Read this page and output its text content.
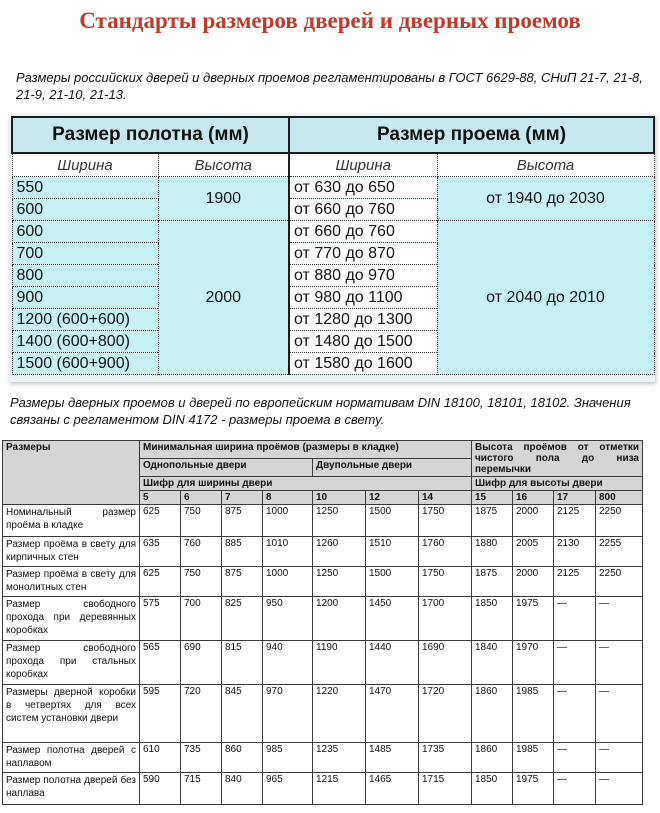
Стандарты размеров дверей и дверных проемов
Размеры российских дверей и дверных проемов регламентированы в ГОСТ 6629-88, СНиП 21-7, 21-8, 21-9, 21-10, 21-13.
Размер полотна (мм)		Размер проема (мм)	
Ширина	Высота	Ширина	Высота
550	1900	от 630 до 650	от 1940 до 2030
600		от 660 до 760	
600	2000	от 660 до 760	от 2040 до 2010
700		от 770 до 870	
800		от 880 до 970	
900		от 980 до 1100	
1200 (600+600)		от 1280 до 1300	
1400 (600+800)		от 1480 до 1500	
1500 (600+900)		от 1580 до 1600	
Размеры дверных проемов и дверей по европейским нормативам DIN 18100, 18101, 18102. Значения связаны с регламентом DIN 4172 - размеры проема в свету.
Размеры	Минимальная ширина проёмов (размеры в кладке)							Высота проёмов от отметки чистого пола до низа перемычки			
	Однопольные двери				Двупольные двери						
	Шифр для ширины двери							Шифр для высоты двери			
	5	6	7	8	10	12	14	15	16	17	800
Номинальный размер проёма в кладке	625	750	875	1000	1250	1500	1750	1875	2000	2125	2250
Размер проёма в свету для кирпичных стен	635	760	885	1010	1260	1510	1760	1880	2005	2130	2255
Размер проёма в свету для монолитных стен	625	750	875	1000	1250	1500	1750	1875	2000	2125	2250
Размер свободного прохода при деревянных коробках	575	700	825	950	1200	1450	1700	1850	1975	—	—
Размер свободного прохода при стальных коробках	565	690	815	940	1190	1440	1690	1840	1970	—	—
Размеры дверной коробки в четвертях для всех систем установки двери	595	720	845	970	1220	1470	1720	1860	1985	—	—
Размер полотна дверей с наплавом	610	735	860	985	1235	1485	1735	1860	1985	—	—
Размер полотна дверей без наплава	590	715	840	965	1215	1465	1715	1850	1975	—	—
